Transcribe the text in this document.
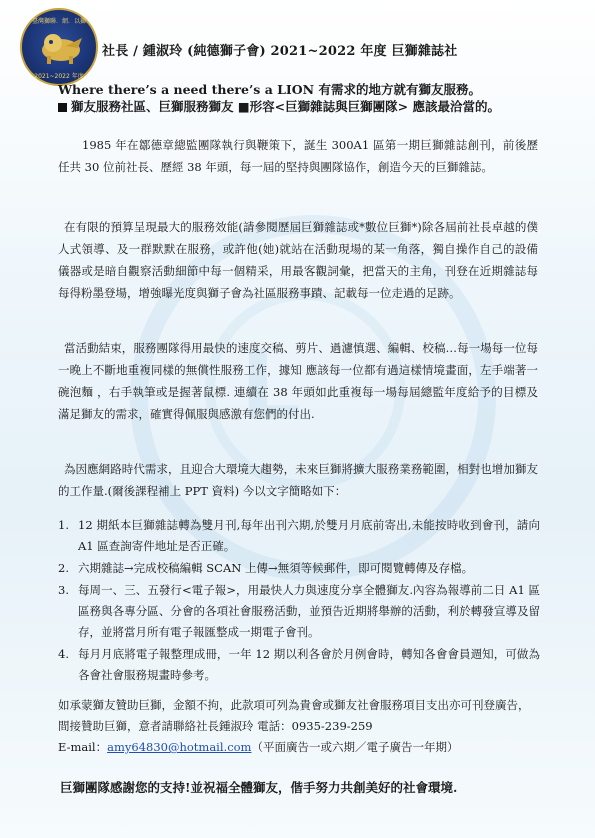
L
臺灣獅聯．網．以獅
2021~2022 年度
社長 / 鍾淑玲 (純德獅子會) 2021~2022 年度 巨獅雜誌社
Where there’s a need there’s a LION 有需求的地方就有獅友服務。
獅友服務社區、巨獅服務獅友 ■形容<巨獅雜誌與巨獅團隊> 應該最洽當的。
1985 年在鄒德章總監團隊執行與鞭策下，誕生 300A1 區第一期巨獅雜誌創刊，前後歷任共 30 位前社長、歷經 38 年頭，每一屆的堅持與團隊協作，創造今天的巨獅雜誌。
在有限的預算呈現最大的服務效能(請參閱歷屆巨獅雜誌或*數位巨獅*)除各屆前社長卓越的僕人式領導、及一群默默在服務，或許他(她)就站在活動現場的某一角落，獨自操作自己的設備儀器或是暗自觀察活動細節中每一個精采，用最客觀詞彙，把當天的主角，刊登在近期雜誌每每得粉墨登場，增強曝光度與獅子會為社區服務事蹟、記載每一位走過的足跡。
當活動結束，服務團隊得用最快的速度交稿、剪片、過濾慎選、編輯、校稿…每一場每一位每一晚上不斷地重複同樣的無償性服務工作，據知 應該每一位都有過這樣情境畫面，左手端著一碗泡麵 ，右手執筆或是握著鼠標. 連續在 38 年頭如此重複每一場每屆總監年度給予的目標及滿足獅友的需求，確實得佩服與感激有您們的付出.
為因應網路時代需求，且迎合大環境大趨勢，未來巨獅將擴大服務業務範圍，相對也增加獅友的工作量.(爾後課程補上 PPT 資料) 今以文字簡略如下：
1. 12 期紙本巨獅雜誌轉為雙月刊,每年出刊六期,於雙月月底前寄出,未能按時收到會刊，請向 A1 區查詢寄件地址是否正確。
2. 六期雜誌→完成校稿編輯 SCAN 上傳→無須等候郵件，即可閱覽轉傳及存檔。
3. 每周一、三、五發行<電子報>，用最快人力與速度分享全體獅友.內容為報導前二日 A1 區區務與各專分區、分會的各項社會服務活動，並預告近期將舉辦的活動，利於轉發宣導及留存，並將當月所有電子報匯整成一期電子會刊。
4. 每月月底將電子報整理成冊，一年 12 期以利各會於月例會時，轉知各會會員週知，可做為各會社會服務規畫時參考。
如承蒙獅友贊助巨獅，金額不拘，此款項可列為貴會或獅友社會服務項目支出亦可刊登廣告，間接贊助巨獅，意者請聯絡社長鍾淑玲 電話：0935-239-259
E-mail：amy64830@hotmail.com（平面廣告一或六期／電子廣告一年期）
巨獅團隊感謝您的支持!並祝福全體獅友，偕手努力共創美好的社會環境.
